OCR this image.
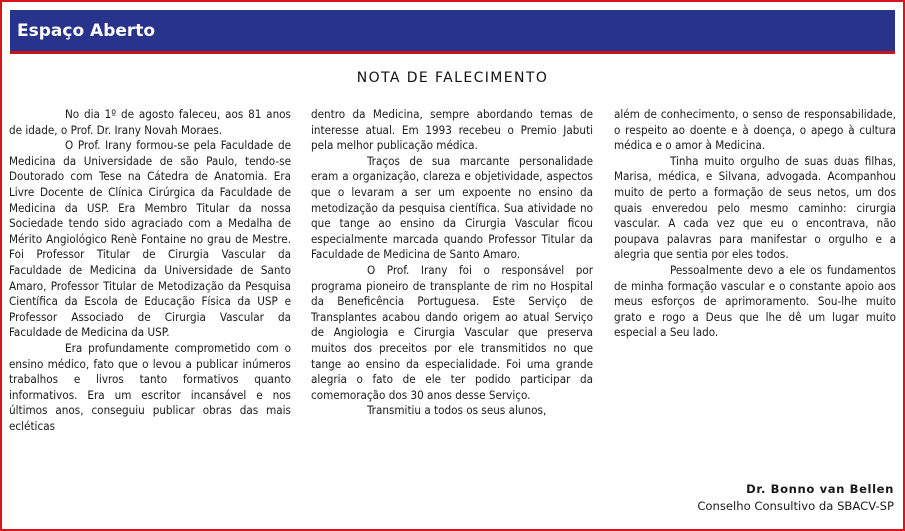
Espaço Aberto
NOTA DE FALECIMENTO

No dia 1º de agosto faleceu, aos 81 anos de idade, o Prof. Dr. Irany Novah Moraes.

O Prof. Irany formou-se pela Faculdade de Medicina da Universidade de são Paulo, tendo-se Doutorado com Tese na Cátedra de Anatomia. Era Livre Docente de Clínica Cirúrgica da Faculdade de Medicina da USP. Era Membro Titular da nossa Sociedade tendo sido agraciado com a Medalha de Mérito Angiológico Renè Fontaine no grau de Mestre. Foi Professor Titular de Cirurgia Vascular da Faculdade de Medicina da Universidade de Santo Amaro, Professor Titular de Metodização da Pesquisa Científica da Escola de Educação Física da USP e Professor Associado de Cirurgia Vascular da Faculdade de Medicina da USP.

Era profundamente comprometido com o ensino médico, fato que o levou a publicar inúmeros trabalhos e livros tanto formativos quanto informativos. Era um escritor incansável e nos últimos anos, conseguiu publicar obras das mais ecléticas

dentro da Medicina, sempre abordando temas de interesse atual. Em 1993 recebeu o Premio Jabuti pela melhor publicação médica.

Traços de sua marcante personalidade eram a organização, clareza e objetividade, aspectos que o levaram a ser um expoente no ensino da metodização da pesquisa científica. Sua atividade no que tange ao ensino da Cirurgia Vascular ficou especialmente marcada quando Professor Titular da Faculdade de Medicina de Santo Amaro.

O Prof. Irany foi o responsável por programa pioneiro de transplante de rim no Hospital da Beneficência Portuguesa. Este Serviço de Transplantes acabou dando origem ao atual Serviço de Angiologia e Cirurgia Vascular que preserva muitos dos preceitos por ele transmitidos no que tange ao ensino da especialidade. Foi uma grande alegria o fato de ele ter podido participar da comemoração dos 30 anos desse Serviço.

Transmitiu a todos os seus alunos,

além de conhecimento, o senso de responsabilidade, o respeito ao doente e à doença, o apego à cultura médica e o amor à Medicina.

Tinha muito orgulho de suas duas filhas, Marisa, médica, e Silvana, advogada. Acompanhou muito de perto a formação de seus netos, um dos quais enveredou pelo mesmo caminho: cirurgia vascular. A cada vez que eu o encontrava, não poupava palavras para manifestar o orgulho e a alegria que sentia por eles todos.

Pessoalmente devo a ele os fundamentos de minha formação vascular e o constante apoio aos meus esforços de aprimoramento. Sou-lhe muito grato e rogo a Deus que lhe dê um lugar muito especial a Seu lado.

Dr. Bonno van Bellen
Conselho Consultivo da SBACV-SP
